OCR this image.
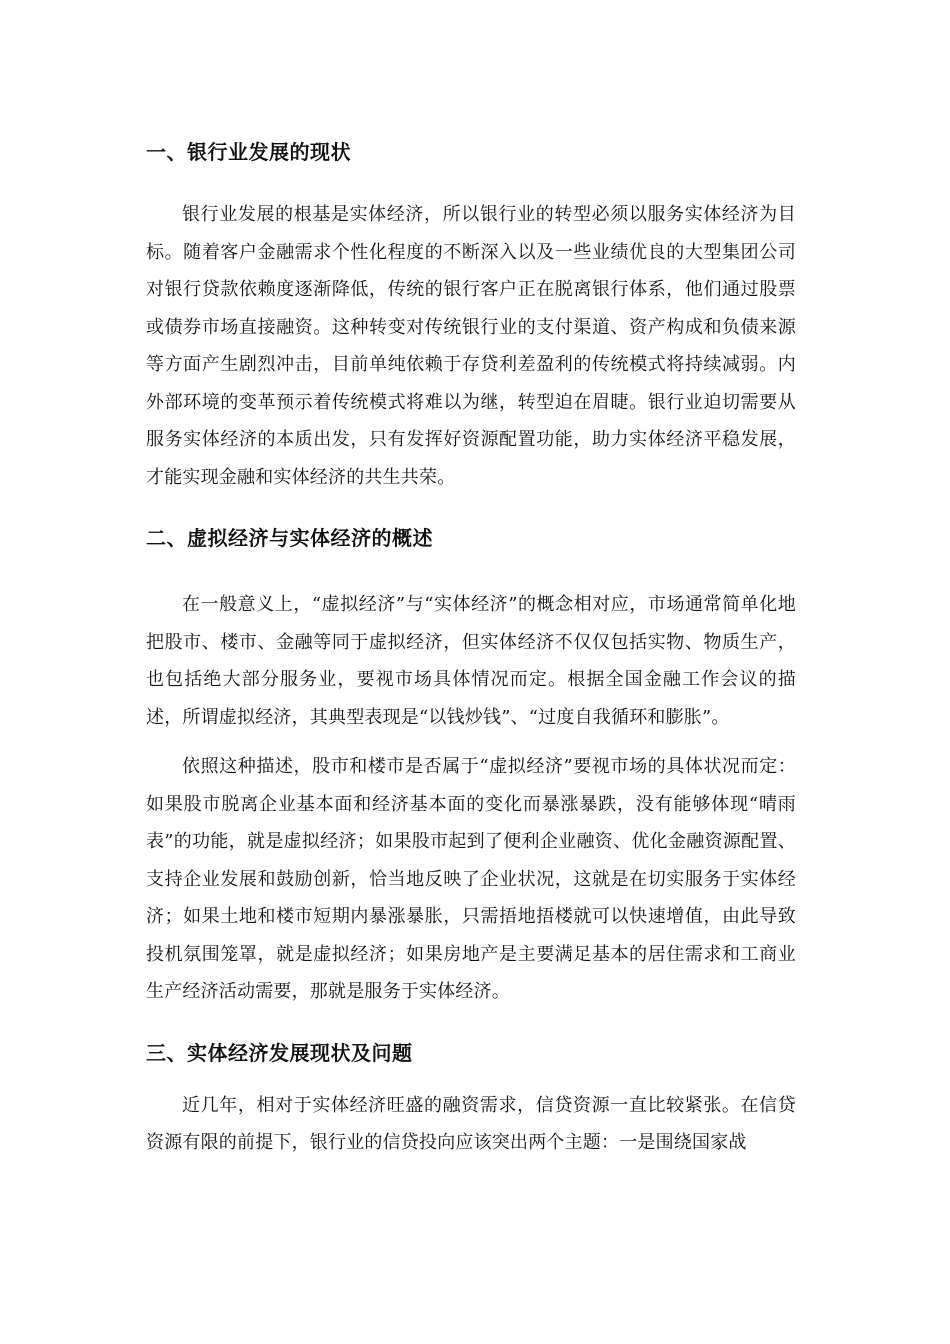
一、银行业发展的现状

银行业发展的根基是实体经济，所以银行业的转型必须以服务实体经济为目标。随着客户金融需求个性化程度的不断深入以及一些业绩优良的大型集团公司对银行贷款依赖度逐渐降低，传统的银行客户正在脱离银行体系，他们通过股票或债券市场直接融资。这种转变对传统银行业的支付渠道、资产构成和负债来源等方面产生剧烈冲击，目前单纯依赖于存贷利差盈利的传统模式将持续减弱。内外部环境的变革预示着传统模式将难以为继，转型迫在眉睫。银行业迫切需要从服务实体经济的本质出发，只有发挥好资源配置功能，助力实体经济平稳发展，才能实现金融和实体经济的共生共荣。

二、虚拟经济与实体经济的概述

在一般意义上，“虚拟经济”与“实体经济”的概念相对应，市场通常简单化地把股市、楼市、金融等同于虚拟经济，但实体经济不仅仅包括实物、物质生产，也包括绝大部分服务业，要视市场具体情况而定。根据全国金融工作会议的描述，所谓虚拟经济，其典型表现是“以钱炒钱”、“过度自我循环和膨胀”。

依照这种描述，股市和楼市是否属于“虚拟经济”要视市场的具体状况而定：如果股市脱离企业基本面和经济基本面的变化而暴涨暴跌，没有能够体现“晴雨表”的功能，就是虚拟经济；如果股市起到了便利企业融资、优化金融资源配置、支持企业发展和鼓励创新，恰当地反映了企业状况，这就是在切实服务于实体经济；如果土地和楼市短期内暴涨暴胀，只需捂地捂楼就可以快速增值，由此导致投机氛围笼罩，就是虚拟经济；如果房地产是主要满足基本的居住需求和工商业生产经济活动需要，那就是服务于实体经济。

三、实体经济发展现状及问题

近几年，相对于实体经济旺盛的融资需求，信贷资源一直比较紧张。在信贷资源有限的前提下，银行业的信贷投向应该突出两个主题：一是围绕国家战
